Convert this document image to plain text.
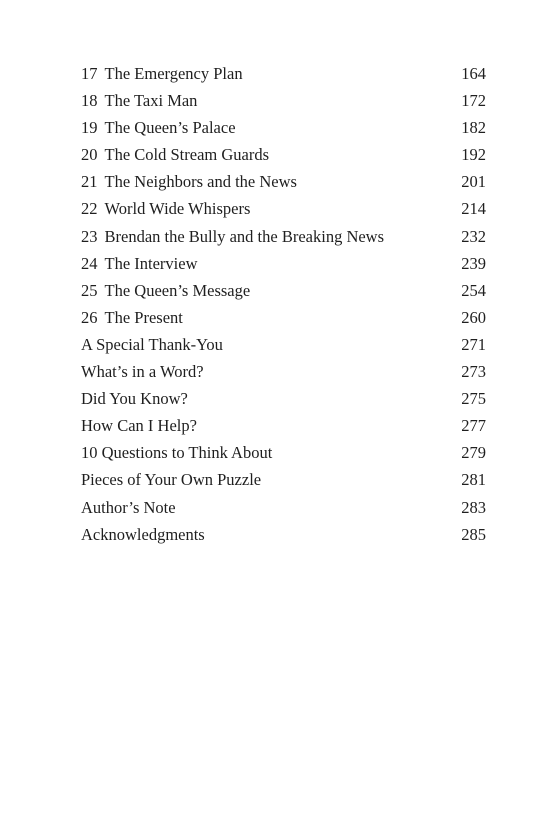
17 The Emergency Plan	164
18 The Taxi Man	172
19 The Queen’s Palace	182
20 The Cold Stream Guards	192
21 The Neighbors and the News	201
22 World Wide Whispers	214
23 Brendan the Bully and the Breaking News	232
24 The Interview	239
25 The Queen’s Message	254
26 The Present	260
A Special Thank-You	271
What’s in a Word?	273
Did You Know?	275
How Can I Help?	277
10 Questions to Think About	279
Pieces of Your Own Puzzle	281
Author’s Note	283
Acknowledgments	285
